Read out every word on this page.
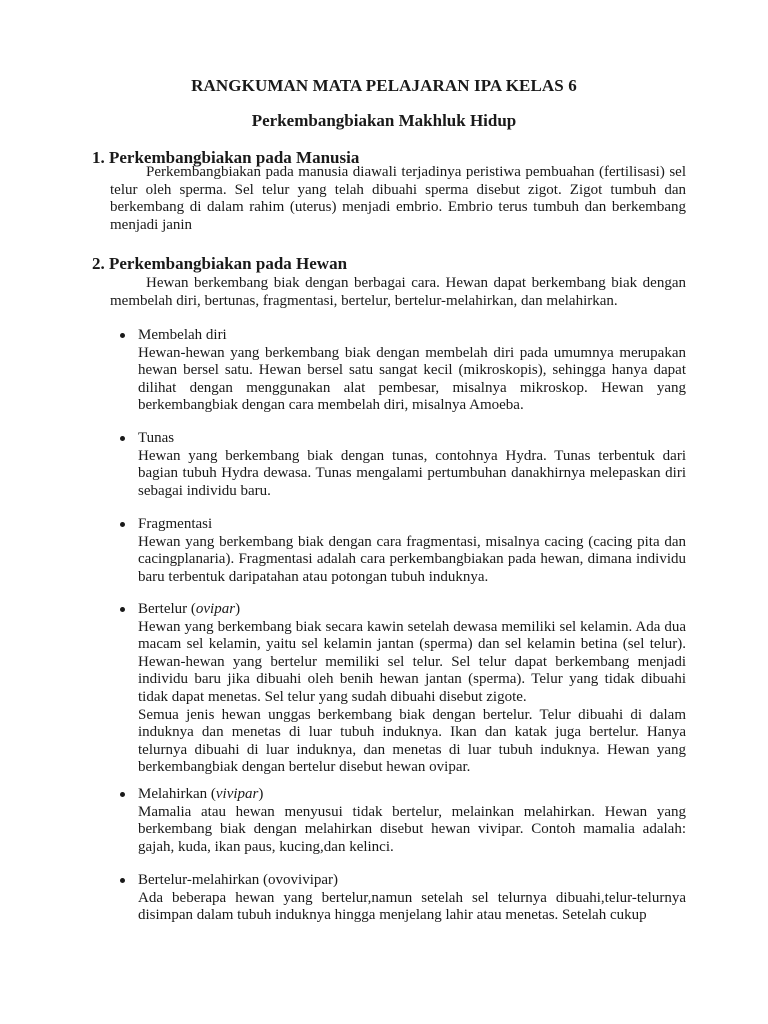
RANGKUMAN MATA PELAJARAN IPA KELAS 6
Perkembangbiakan Makhluk Hidup
1. Perkembangbiakan pada Manusia

Perkembangbiakan pada manusia diawali terjadinya peristiwa pembuahan (fertilisasi) sel telur oleh sperma. Sel telur yang telah dibuahi sperma disebut zigot. Zigot tumbuh dan berkembang di dalam rahim (uterus) menjadi embrio. Embrio terus tumbuh dan berkembang menjadi janin

2. Perkembangbiakan pada Hewan

Hewan berkembang biak dengan berbagai cara. Hewan dapat berkembang biak dengan membelah diri, bertunas, fragmentasi, bertelur, bertelur-melahirkan, dan melahirkan.

Membelah diri

Hewan-hewan yang berkembang biak dengan membelah diri pada umumnya merupakan hewan bersel satu. Hewan bersel satu sangat kecil (mikroskopis), sehingga hanya dapat dilihat dengan menggunakan alat pembesar, misalnya mikroskop. Hewan yang berkembangbiak dengan cara membelah diri, misalnya Amoeba.

Tunas

Hewan yang berkembang biak dengan tunas, contohnya Hydra. Tunas terbentuk dari bagian tubuh Hydra dewasa. Tunas mengalami pertumbuhan danakhirnya melepaskan diri sebagai individu baru.

Fragmentasi

Hewan yang berkembang biak dengan cara fragmentasi, misalnya cacing (cacing pita dan cacingplanaria). Fragmentasi adalah cara perkembangbiakan pada hewan, dimana individu baru terbentuk daripatahan atau potongan tubuh induknya.

Bertelur (ovipar)

Hewan yang berkembang biak secara kawin setelah dewasa memiliki sel kelamin. Ada dua macam sel kelamin, yaitu sel kelamin jantan (sperma) dan sel kelamin betina (sel telur). Hewan-hewan yang bertelur memiliki sel telur. Sel telur dapat berkembang menjadi individu baru jika dibuahi oleh benih hewan jantan (sperma). Telur yang tidak dibuahi tidak dapat menetas. Sel telur yang sudah dibuahi disebut zigote.

Semua jenis hewan unggas berkembang biak dengan bertelur. Telur dibuahi di dalam induknya dan menetas di luar tubuh induknya. Ikan dan katak juga bertelur. Hanya telurnya dibuahi di luar induknya, dan menetas di luar tubuh induknya. Hewan yang berkembangbiak dengan bertelur disebut hewan ovipar.

Melahirkan (vivipar)

Mamalia atau hewan menyusui tidak bertelur, melainkan melahirkan. Hewan yang berkembang biak dengan melahirkan disebut hewan vivipar. Contoh mamalia adalah: gajah, kuda, ikan paus, kucing,dan kelinci.

Bertelur-melahirkan (ovovivipar)

Ada beberapa hewan yang bertelur,namun setelah sel telurnya dibuahi,telur-telurnya disimpan dalam tubuh induknya hingga menjelang lahir atau menetas. Setelah cukup
